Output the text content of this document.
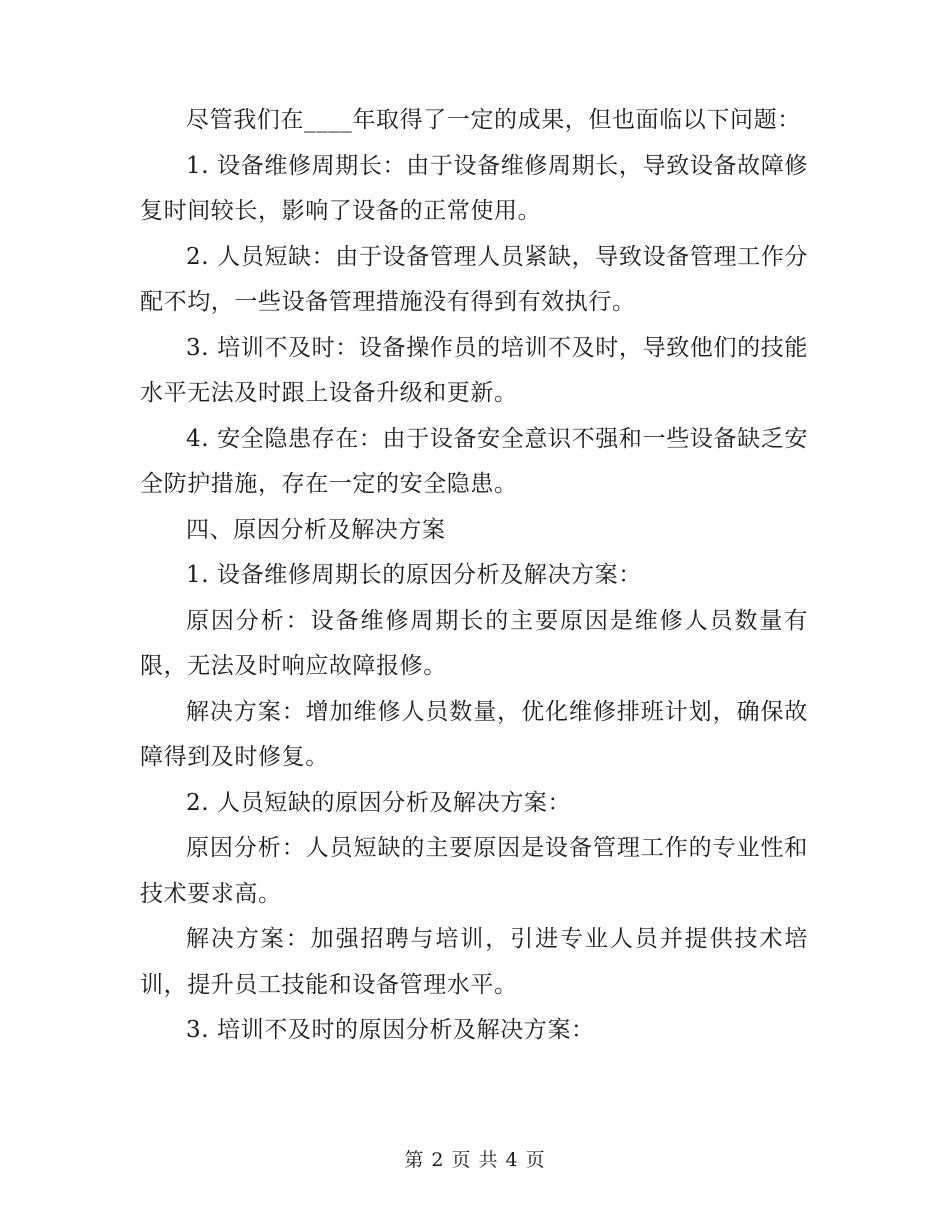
尽管我们在____年取得了一定的成果，但也面临以下问题：

1. 设备维修周期长：由于设备维修周期长，导致设备故障修复时间较长，影响了设备的正常使用。

2. 人员短缺：由于设备管理人员紧缺，导致设备管理工作分配不均，一些设备管理措施没有得到有效执行。

3. 培训不及时：设备操作员的培训不及时，导致他们的技能水平无法及时跟上设备升级和更新。

4. 安全隐患存在：由于设备安全意识不强和一些设备缺乏安全防护措施，存在一定的安全隐患。

四、原因分析及解决方案

1. 设备维修周期长的原因分析及解决方案：

原因分析：设备维修周期长的主要原因是维修人员数量有限，无法及时响应故障报修。

解决方案：增加维修人员数量，优化维修排班计划，确保故障得到及时修复。

2. 人员短缺的原因分析及解决方案：

原因分析：人员短缺的主要原因是设备管理工作的专业性和技术要求高。

解决方案：加强招聘与培训，引进专业人员并提供技术培训，提升员工技能和设备管理水平。

3. 培训不及时的原因分析及解决方案：

第 2 页 共 4 页
